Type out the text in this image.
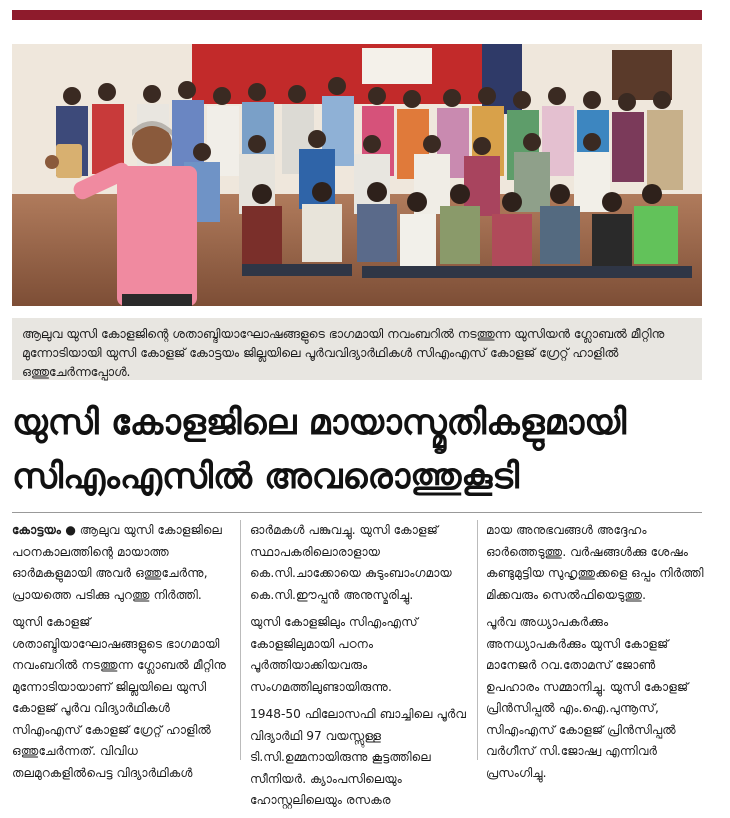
ആലുവ യുസി കോളജിന്റെ ശതാബ്ദിയാഘോഷങ്ങളുടെ ഭാഗമായി നവംബറിൽ നടത്തുന്ന യുസിയൻ ഗ്ലോബൽ മീറ്റിനു മുന്നോടിയായി യുസി കോളജ് കോട്ടയം ജില്ലയിലെ പൂർവവിദ്യാർഥികൾ സിഎംഎസ് കോളജ് ഗ്രേറ്റ് ഹാളിൽ ഒത്തുചേർന്നപ്പോൾ.
യുസി കോളജിലെ മായാസ്മൃതികളുമായി
സിഎംഎസിൽ അവരൊത്തുകൂടി

കോട്ടയം ● ആലുവ യുസി കോളജിലെ പഠനകാലത്തിന്റെ മായാത്ത ഓർമകളുമായി അവർ ഒത്തുചേർന്നു, പ്രായത്തെ പടിക്കു പുറത്തു നിർത്തി.

യുസി കോളജ് ശതാബ്ദിയാഘോഷങ്ങളുടെ ഭാഗമായി നവംബറിൽ നടത്തുന്ന ഗ്ലോബൽ മീറ്റിനു മുന്നോടിയായാണ് ജില്ലയിലെ യുസി കോളജ് പൂർവ വിദ്യാർഥികൾ സിഎംഎസ് കോളജ് ഗ്രേറ്റ് ഹാളിൽ ഒത്തുചേർന്നത്. വിവിധ തലമുറകളിൽപെട്ട വിദ്യാർഥികൾ

ഓർമകൾ പങ്കുവച്ചു. യുസി കോളജ് സ്ഥാപകരിലൊരാളായ കെ.സി.ചാക്കോയെ കുടുംബാംഗമായ കെ.സി.ഈപ്പൻ അനുസ്മരിച്ചു.

യുസി കോളജിലും സിഎംഎസ് കോളജിലുമായി പഠനം പൂർത്തിയാക്കിയവരും സംഗമത്തിലുണ്ടായിരുന്നു.

1948-50 ഫിലോസഫി ബാച്ചിലെ പൂർവ വിദ്യാർഥി 97 വയസ്സുള്ള ടി.സി.ഉമ്മനായിരുന്നു കൂട്ടത്തിലെ സീനിയർ. ക്യാംപസിലെയും ഹോസ്റ്റലിലെയും രസകര

മായ അനുഭവങ്ങൾ അദ്ദേഹം ഓർത്തെടുത്തു. വർഷങ്ങൾക്കു ശേഷം കണ്ടുമുട്ടിയ സുഹൃത്തുക്കളെ ഒപ്പം നിർത്തി മിക്കവരും സെൽഫിയെടുത്തു.

പൂർവ അധ്യാപകർക്കും അനധ്യാപകർക്കും യുസി കോളജ് മാനേജർ റവ.തോമസ് ജോൺ ഉപഹാരം സമ്മാനിച്ചു. യുസി കോളജ് പ്രിൻസിപ്പൽ എം.ഐ.പുന്നൂസ്, സിഎംഎസ് കോളജ് പ്രിൻസിപ്പൽ വർഗീസ് സി.ജോഷ്വ എന്നിവർ പ്രസംഗിച്ചു.
